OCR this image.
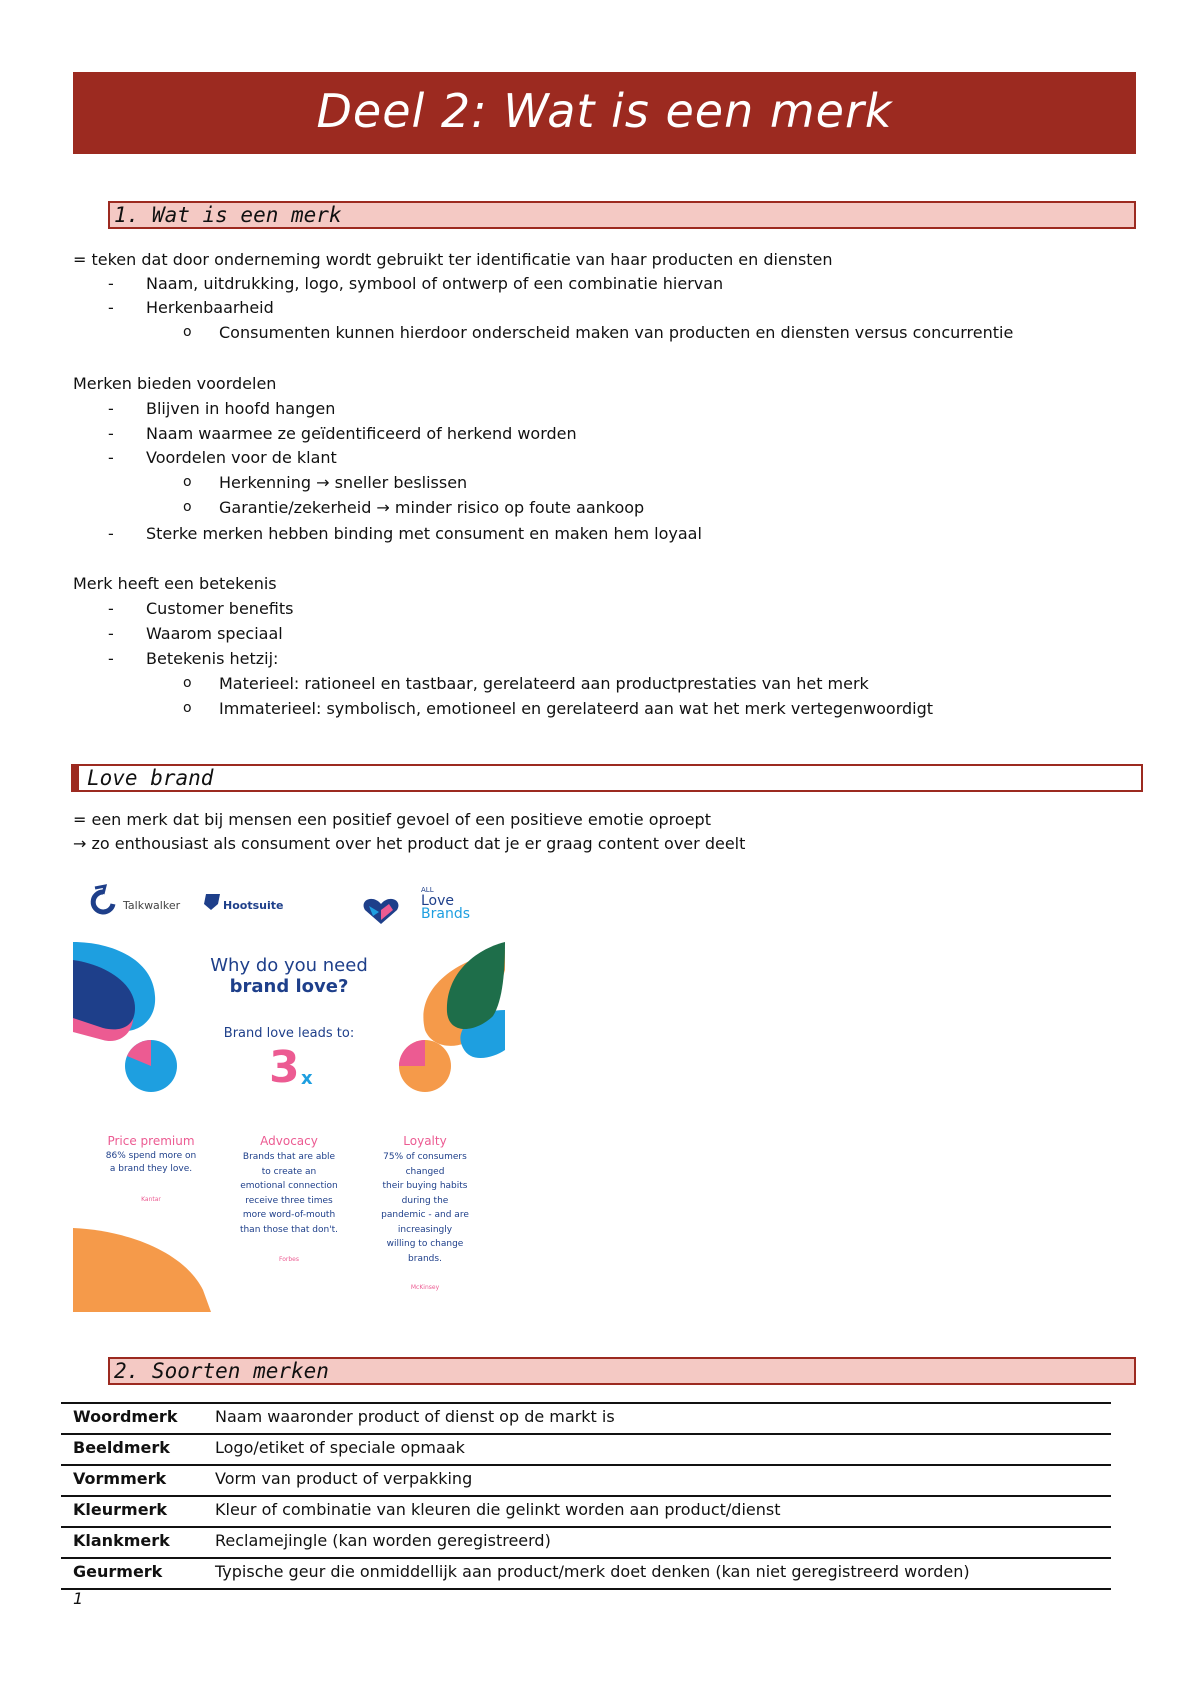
Deel 2: Wat is een merk
1. Wat is een merk
= teken dat door onderneming wordt gebruikt ter identificatie van haar producten en diensten
- Naam, uitdrukking, logo, symbool of ontwerp of een combinatie hiervan
- Herkenbaarheid
o Consumenten kunnen hierdoor onderscheid maken van producten en diensten versus concurrentie
Merken bieden voordelen
- Blijven in hoofd hangen
- Naam waarmee ze geïdentificeerd of herkend worden
- Voordelen voor de klant
o Herkenning → sneller beslissen
o Garantie/zekerheid → minder risico op foute aankoop
- Sterke merken hebben binding met consument en maken hem loyaal
Merk heeft een betekenis
- Customer benefits
- Waarom speciaal
- Betekenis hetzij:
o Materieel: rationeel en tastbaar, gerelateerd aan productprestaties van het merk
o Immaterieel: symbolisch, emotioneel en gerelateerd aan wat het merk vertegenwoordigt
Love brand
= een merk dat bij mensen een positief gevoel of een positieve emotie oproept
→ zo enthousiast als consument over het product dat je er graag content over deelt
Talkwalker	Hootsuite
ALL
Love
Brands
Why do you need
brand love?
Brand love leads to:
3 x
Price premium
86% spend more on
a brand they love.
Kantar
Advocacy
Brands that are able
to create an
emotional connection
receive three times
more word-of-mouth
than those that don't.
Forbes
Loyalty
75% of consumers
changed
their buying habits
during the
pandemic - and are
increasingly
willing to change
brands.
McKinsey
2. Soorten merken
Woordmerk Naam waaronder product of dienst op de markt is
Beeldmerk	Logo/etiket of speciale opmaak
Vormmerk	Vorm van product of verpakking
Kleurmerk	Kleur of combinatie van kleuren die gelinkt worden aan product/dienst
Klankmerk	Reclamejingle (kan worden geregistreerd)
Geurmerk	Typische geur die onmiddellijk aan product/merk doet denken (kan niet geregistreerd worden)
1
